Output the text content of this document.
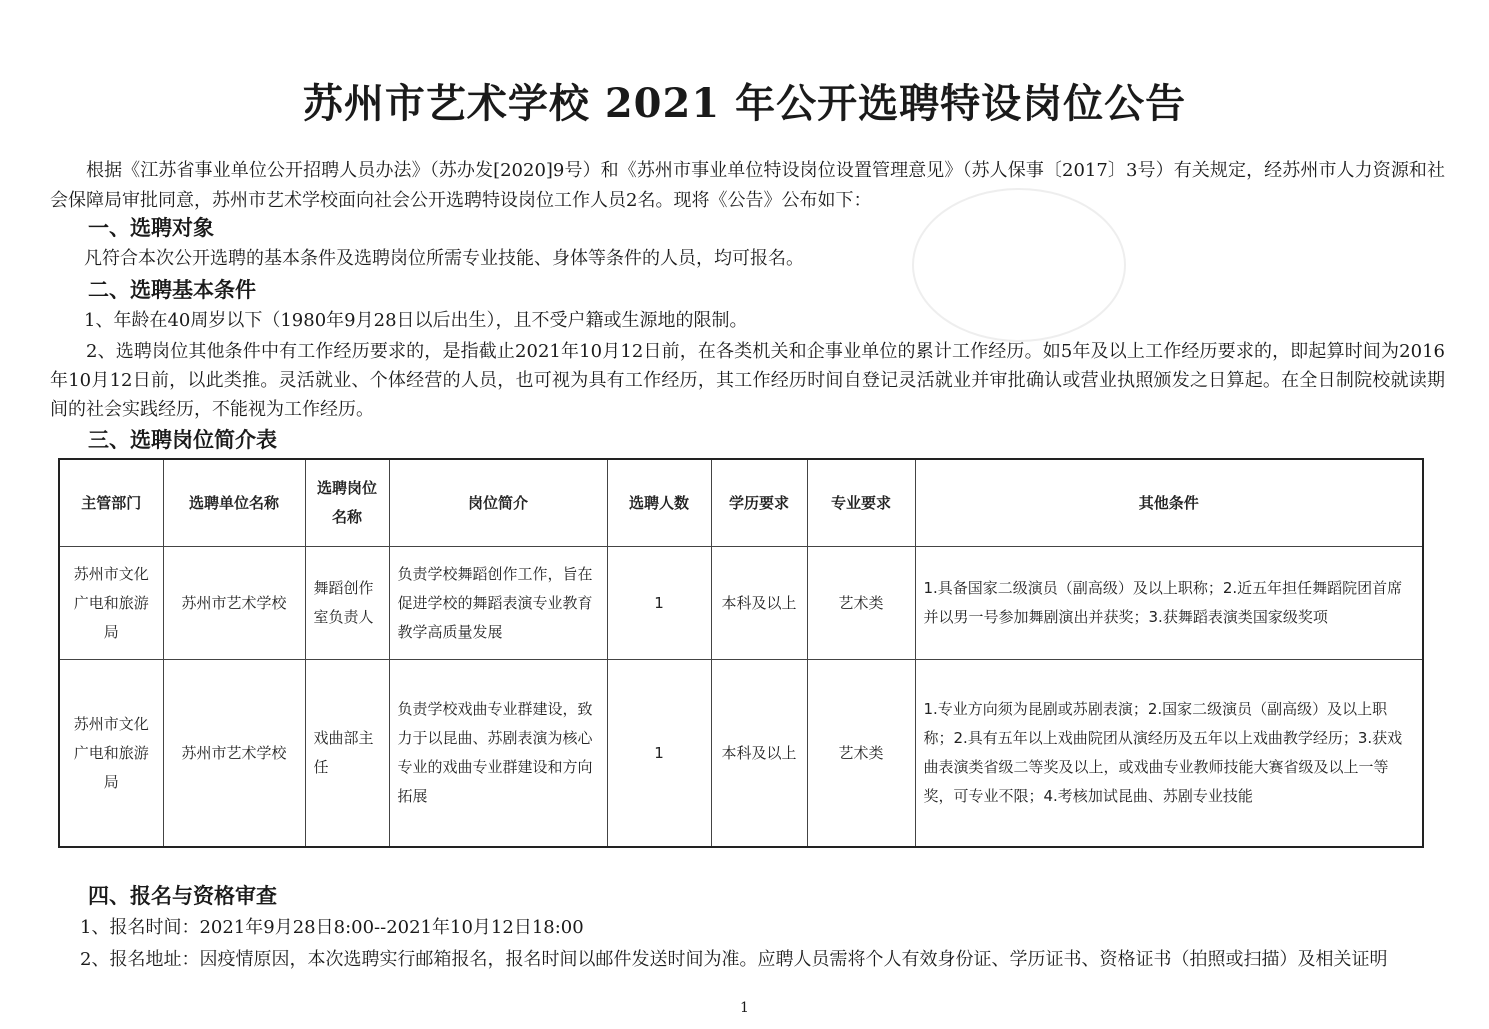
苏州市艺术学校 2021 年公开选聘特设岗位公告
根据《江苏省事业单位公开招聘人员办法》（苏办发[2020]9号）和《苏州市事业单位特设岗位设置管理意见》（苏人保事〔2017〕3号）有关规定，经苏州市人力资源和社会保障局审批同意，苏州市艺术学校面向社会公开选聘特设岗位工作人员2名。现将《公告》公布如下：
一、选聘对象
凡符合本次公开选聘的基本条件及选聘岗位所需专业技能、身体等条件的人员，均可报名。
二、选聘基本条件
1、年龄在40周岁以下（1980年9月28日以后出生），且不受户籍或生源地的限制。
2、选聘岗位其他条件中有工作经历要求的，是指截止2021年10月12日前，在各类机关和企事业单位的累计工作经历。如5年及以上工作经历要求的，即起算时间为2016年10月12日前，以此类推。灵活就业、个体经营的人员，也可视为具有工作经历，其工作经历时间自登记灵活就业并审批确认或营业执照颁发之日算起。在全日制院校就读期间的社会实践经历，不能视为工作经历。
三、选聘岗位简介表
主管部门	选聘单位名称	选聘岗位名称	岗位简介	选聘人数	学历要求	专业要求	其他条件
苏州市文化广电和旅游局	苏州市艺术学校	舞蹈创作室负责人	负责学校舞蹈创作工作，旨在促进学校的舞蹈表演专业教育教学高质量发展	1	本科及以上	艺术类	1.具备国家二级演员（副高级）及以上职称；2.近五年担任舞蹈院团首席并以男一号参加舞剧演出并获奖；3.获舞蹈表演类国家级奖项
苏州市文化广电和旅游局	苏州市艺术学校	戏曲部主任	负责学校戏曲专业群建设，致力于以昆曲、苏剧表演为核心专业的戏曲专业群建设和方向拓展	1	本科及以上	艺术类	1.专业方向须为昆剧或苏剧表演；2.国家二级演员（副高级）及以上职称；2.具有五年以上戏曲院团从演经历及五年以上戏曲教学经历；3.获戏曲表演类省级二等奖及以上，或戏曲专业教师技能大赛省级及以上一等奖，可专业不限；4.考核加试昆曲、苏剧专业技能
四、报名与资格审查
1、报名时间：2021年9月28日8:00--2021年10月12日18:00
2、报名地址：因疫情原因，本次选聘实行邮箱报名，报名时间以邮件发送时间为准。应聘人员需将个人有效身份证、学历证书、资格证书（拍照或扫描）及相关证明
1
